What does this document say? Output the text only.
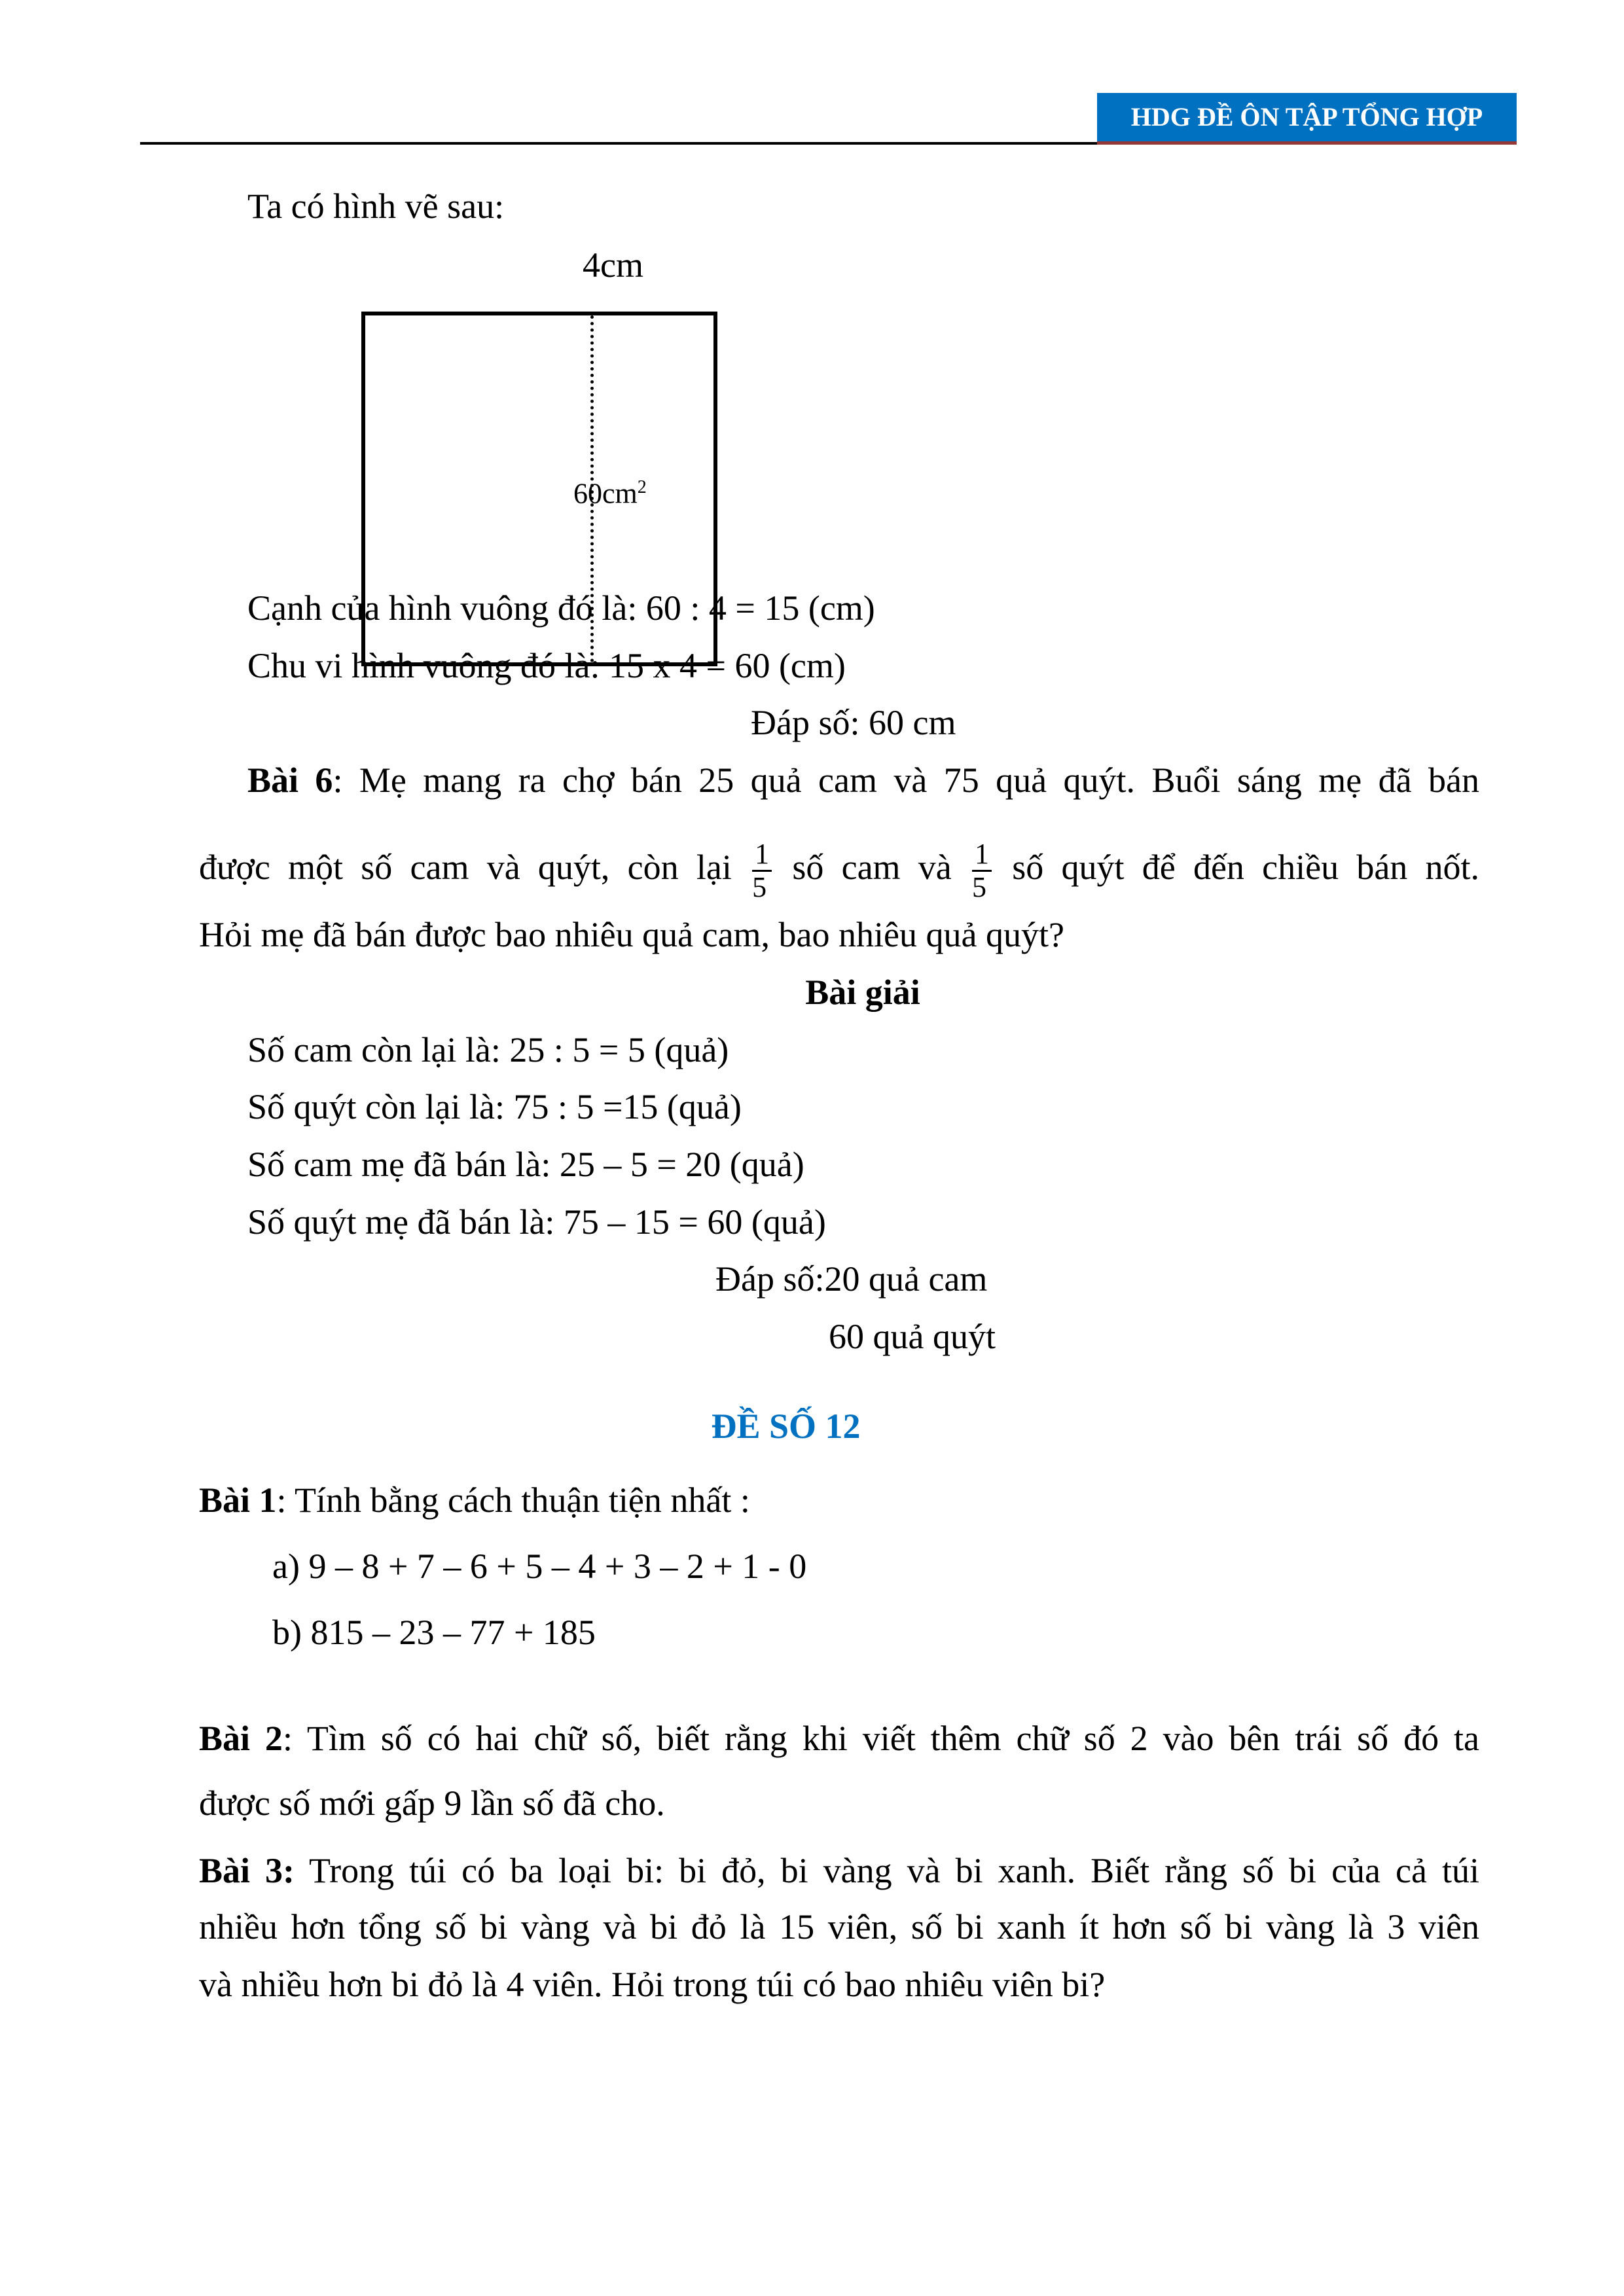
HDG ĐỀ ÔN TẬP TỔNG HỢP
Ta có hình vẽ sau:
4cm
$60cm^2$
Cạnh của hình vuông đó là: 60 : 4 = 15 (cm)
Chu vi hình vuông đó là: 15 x 4 = 60 (cm)
Đáp số: 60 cm
Bài 6: Mẹ mang ra chợ bán 25 quả cam và 75 quả quýt. Buổi sáng mẹ đã bán
được một số cam và quýt, còn lại $\frac{1}{5}$ số cam và $\frac{1}{5}$ số quýt để đến chiều bán nốt.
Hỏi mẹ đã bán được bao nhiêu quả cam, bao nhiêu quả quýt?
Bài giải
Số cam còn lại là: 25 : 5 = 5 (quả)
Số quýt còn lại là: 75 : 5 =15 (quả)
Số cam mẹ đã bán là: 25 – 5 = 20 (quả)
Số quýt mẹ đã bán là: 75 – 15 = 60 (quả)
Đáp số:20 quả cam
60 quả quýt
ĐỀ SỐ 12
Bài 1: Tính bằng cách thuận tiện nhất :
a) 9 – 8 + 7 – 6 + 5 – 4 + 3 – 2 + 1 - 0
b) 815 – 23 – 77 + 185
Bài 2: Tìm số có hai chữ số, biết rằng khi viết thêm chữ số 2 vào bên trái số đó ta
được số mới gấp 9 lần số đã cho.
Bài 3: Trong túi có ba loại bi: bi đỏ, bi vàng và bi xanh. Biết rằng số bi của cả túi
nhiều hơn tổng số bi vàng và bi đỏ là 15 viên, số bi xanh ít hơn số bi vàng là 3 viên
và nhiều hơn bi đỏ là 4 viên. Hỏi trong túi có bao nhiêu viên bi?
